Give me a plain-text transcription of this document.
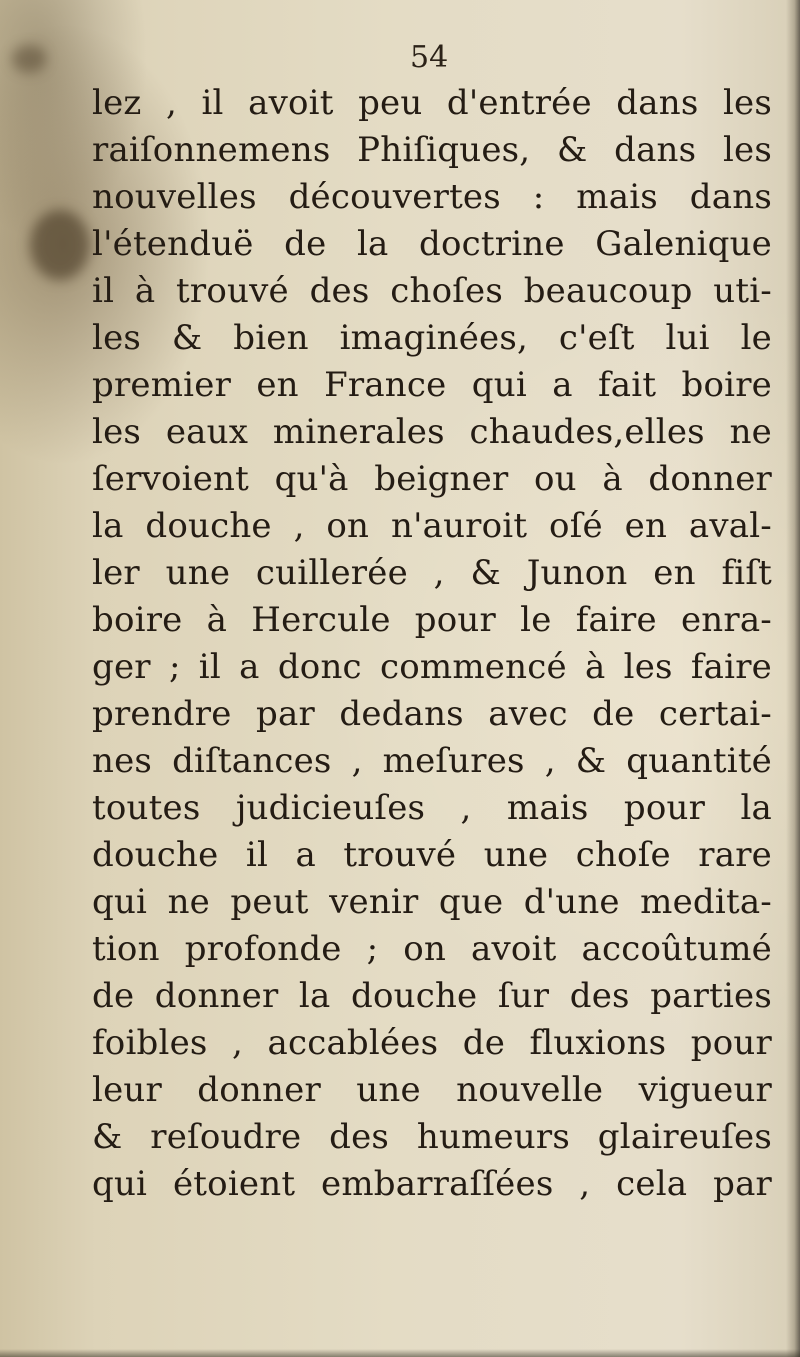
54
lez , il avoit peu d'entrée dans les
raiſonnemens Phiſiques, & dans les
nouvelles découvertes : mais dans
l'étenduë de la doctrine Galenique
il à trouvé des choſes beaucoup uti-
les & bien imaginées, c'eſt lui le
premier en France qui a fait boire
les eaux minerales chaudes,elles ne
ſervoient qu'à beigner ou à donner
la douche , on n'auroit oſé en aval-
ler une cuillerée , & Junon en fiſt
boire à Hercule pour le faire enra-
ger ; il a donc commencé à les faire
prendre par dedans avec de certai-
nes diſtances , meſures , & quantité
toutes judicieuſes , mais pour la
douche il a trouvé une choſe rare
qui ne peut venir que d'une medita-
tion profonde ; on avoit accoûtumé
de donner la douche ſur des parties
foibles , accablées de fluxions pour
leur donner une nouvelle vigueur
& reſoudre des humeurs glaireuſes
qui étoient embarraſſées , cela par
